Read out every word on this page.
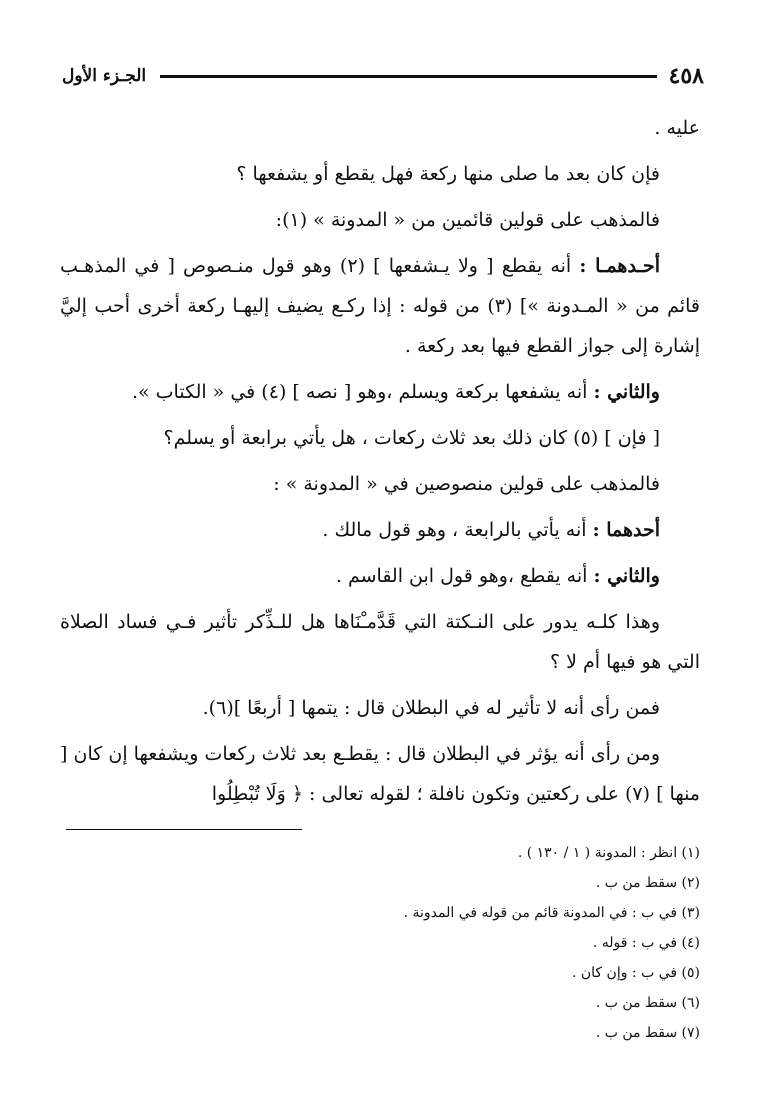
٤٥٨
الجـزء الأول

عليه .

فإن كان بعد ما صلى منها ركعة فهل يقطع أو يشفعها ؟

فالمذهب على قولين قائمين من « المدونة » (١):

أحـدهمـا : أنه يقطع [ ولا يـشفعها ] (٢) وهو قول منـصوص [ في المذهـب قائم من « المـدونة »] (٣) من قوله : إذا ركـع يضيف إليهـا ركعة أخرى أحب إليَّ إشارة إلى جواز القطع فيها بعد ركعة .

والثاني : أنه يشفعها بركعة ويسلم ،وهو [ نصه ] (٤) في « الكتاب ».

[ فإن ] (٥) كان ذلك بعد ثلاث ركعات ، هل يأتي برابعة أو يسلم؟

فالمذهب على قولين منصوصين في « المدونة » :

أحدهما : أنه يأتي بالرابعة ، وهو قول مالك .

والثاني : أنه يقطع ،وهو قول ابن القاسم .

وهذا كلـه يدور على النـكتة التي قَدَّمـْنَاها هل للـذِّكر تأثير فـي فساد الصلاة التي هو فيها أم لا ؟

فمن رأى أنه لا تأثير له في البطلان قال : يتمها [ أربعًا ](٦).

ومن رأى أنه يؤثر في البطلان قال : يقطـع بعد ثلاث ركعات ويشفعها إن كان [ منها ] (٧) على ركعتين وتكون نافلة ؛ لقوله تعالى : ﴿ وَلَا تُبْطِلُوا

(١) انظر : المدونة ( ١ / ١٣٠ ) .
(٢) سقط من ب .
(٣) في ب : في المدونة قائم من قوله في المدونة .
(٤) في ب : قوله .
(٥) في ب : وإن كان .
(٦) سقط من ب .
(٧) سقط من ب .
